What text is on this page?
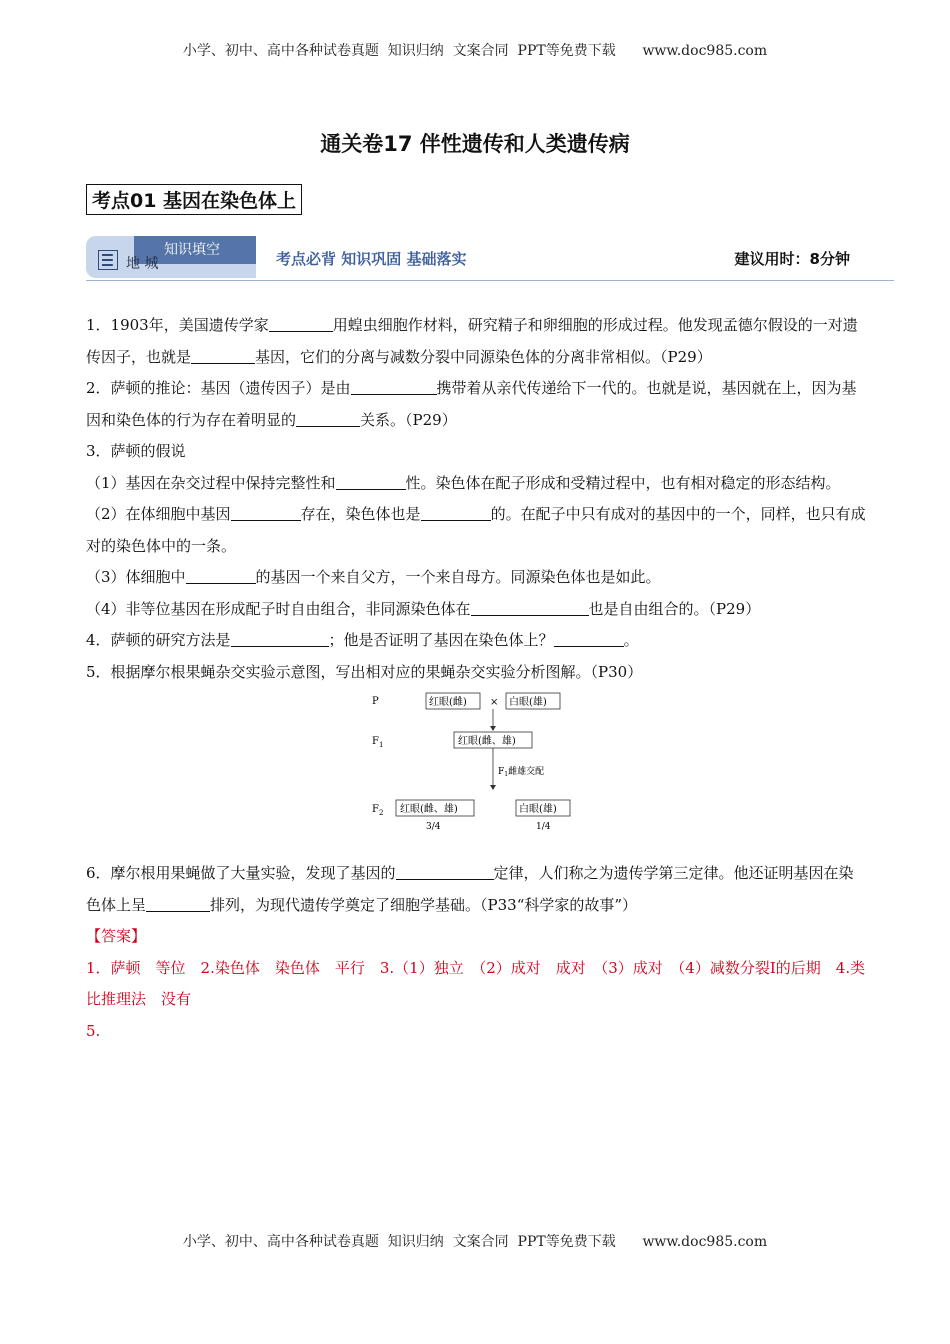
小学、初中、高中各种试卷真题  知识归纳  文案合同  PPT等免费下载      www.doc985.com
通关卷17 伴性遗传和人类遗传病
考点01 基因在染色体上
知识填空
地 城	考点必背 知识巩固 基础落实	建议用时：8分钟

1．1903年，美国遗传学家	用蝗虫细胞作材料，研究精子和卵细胞的形成过程。他发现孟德尔假设的一对遗传因子，也就是	基因，它们的分离与减数分裂中同源染色体的分离非常相似。（P29）

2．萨顿的推论：基因（遗传因子）是由	携带着从亲代传递给下一代的。也就是说，基因就在上，因为基因和染色体的行为存在着明显的	关系。（P29）

3．萨顿的假说

（1）基因在杂交过程中保持完整性和	性。染色体在配子形成和受精过程中，也有相对稳定的形态结构。

（2）在体细胞中基因	存在，染色体也是	的。在配子中只有成对的基因中的一个，同样，也只有成对的染色体中的一条。

（3）体细胞中	的基因一个来自父方，一个来自母方。同源染色体也是如此。

（4）非等位基因在形成配子时自由组合，非同源染色体在	也是自由组合的。（P29）

4．萨顿的研究方法是	；他是否证明了基因在染色体上？	。

5．根据摩尔根果蝇杂交实验示意图，写出相对应的果蝇杂交实验分析图解。（P30）

P
$F_1$
$F_2$
红眼(雌) × 白眼(雄)
红眼(雌、雄)
$F_1$雌雄交配
红眼(雌、雄)	白眼(雄)
3/4	1/4

6．摩尔根用果蝇做了大量实验，发现了基因的	定律，人们称之为遗传学第三定律。他还证明基因在染色体上呈	排列，为现代遗传学奠定了细胞学基础。（P33“科学家的故事”）

【答案】

1．萨顿　等位　2.染色体　染色体　平行　3.（1）独立　（2）成对　成对　（3）成对　（4）减数分裂Ⅰ的后期　4.类比推理法　没有

5.

小学、初中、高中各种试卷真题  知识归纳  文案合同  PPT等免费下载      www.doc985.com
